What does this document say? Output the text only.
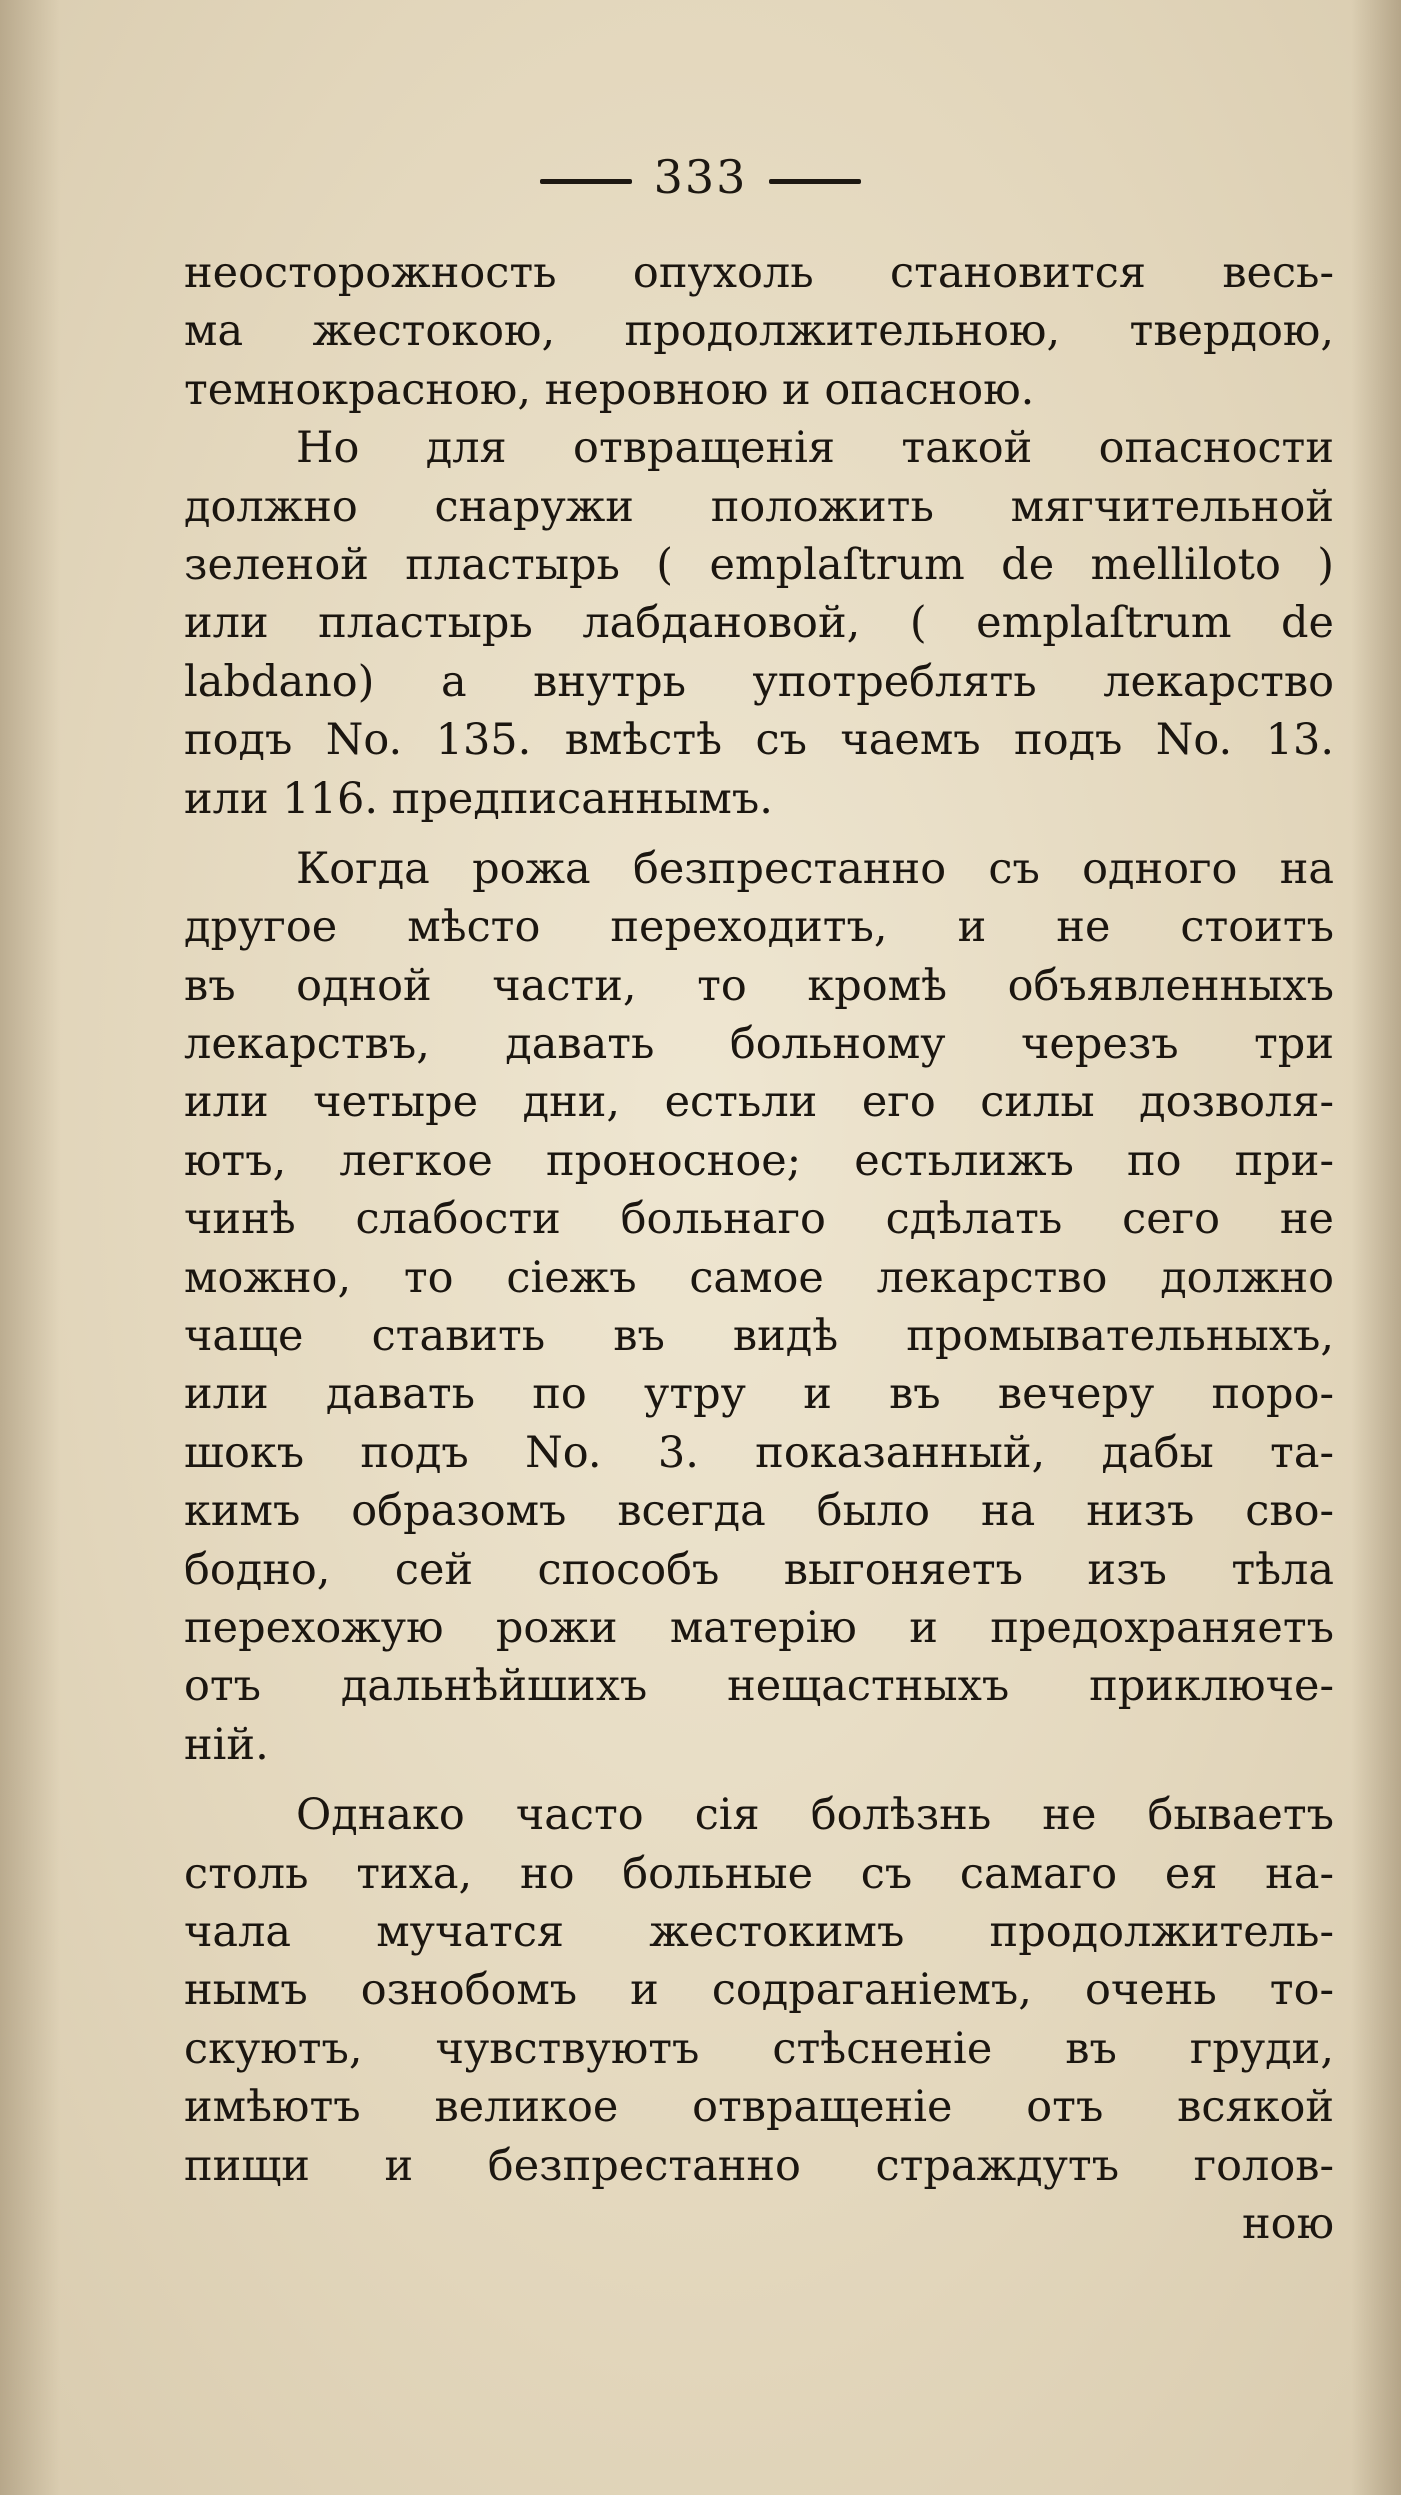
333
неосторожность опухоль становится весь-
ма жестокою, продолжительною, твердою,
темнокрасною, неровною и опасною.
Но для отвращенія такой опасности
должно снаружи положить мягчительной
зеленой пластырь ( emplaſtrum de melliloto )
или пластырь лабдановой, ( emplaſtrum de
labdano) а внутрь употреблять лекарство
подъ No. 135. вмѣстѣ съ чаемъ подъ No. 13.
или 116. предписаннымъ.
Когда рожа безпрестанно съ одного на
другое мѣсто переходитъ, и не стоитъ
въ одной части, то кромѣ объявленныхъ
лекарствъ, давать больному черезъ три
или четыре дни, естьли его силы дозволя-
ютъ, легкое проносное; естьлижъ по при-
чинѣ слабости больнаго сдѣлать сего не
можно, то сіежъ самое лекарство должно
чаще ставить въ видѣ промывательныхъ,
или давать по утру и въ вечеру поро-
шокъ подъ No. 3. показанный, дабы та-
кимъ образомъ всегда было на низъ сво-
бодно, сей способъ выгоняетъ изъ тѣла
перехожую рожи матерію и предохраняетъ
отъ дальнѣйшихъ нещастныхъ приключе-
ній.
Однако часто сія болѣзнь не бываетъ
столь тиха, но больные съ самаго ея на-
чала мучатся жестокимъ продолжитель-
нымъ ознобомъ и содраганіемъ, очень то-
скуютъ, чувствуютъ стѣсненіе въ груди,
имѣютъ великое отвращеніе отъ всякой
пищи и безпрестанно страждутъ голов-
ною
